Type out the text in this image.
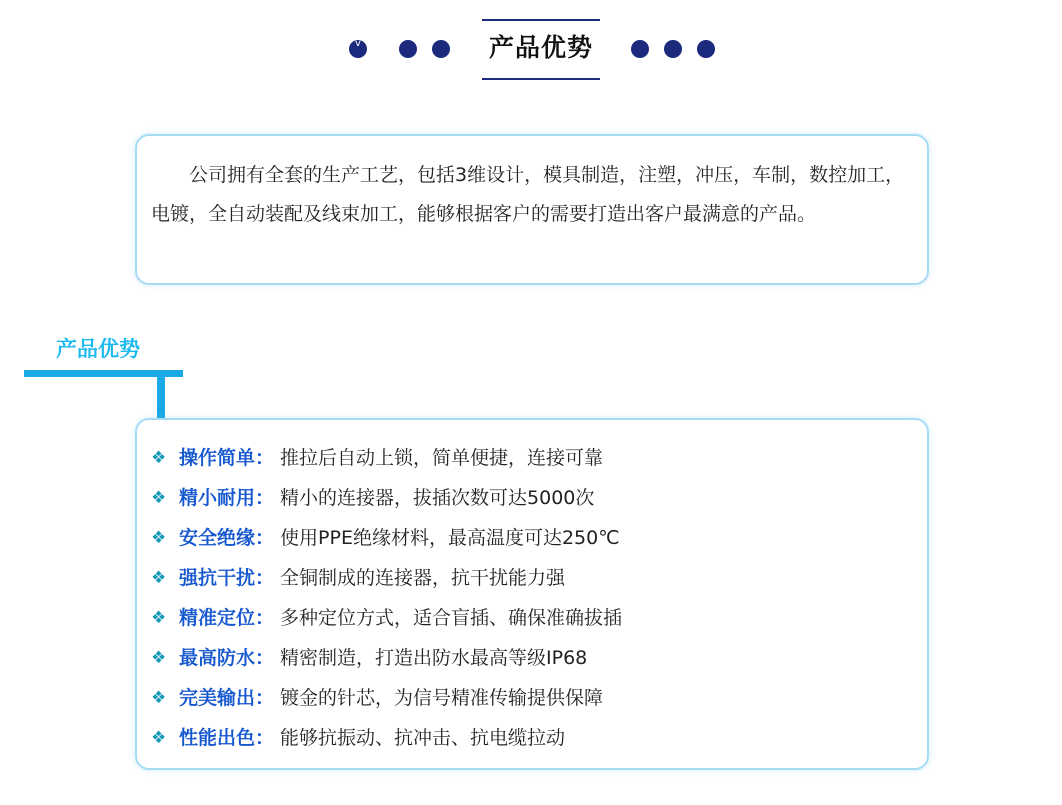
v	产品优势

公司拥有全套的生产工艺，包括3维设计，模具制造，注塑，冲压，车制，数控加工，电镀，全自动装配及线束加工，能够根据客户的需要打造出客户最满意的产品。

产品优势
❖ 操作简单 ： 推拉后自动上锁，简单便捷，连接可靠
❖ 精小耐用 ： 精小的连接器，拔插次数可达5000次
❖ 安全绝缘 ： 使用PPE绝缘材料，最高温度可达250℃
❖ 强抗干扰 ： 全铜制成的连接器，抗干扰能力强
❖ 精准定位 ： 多种定位方式，适合盲插、确保准确拔插
❖ 最高防水 ： 精密制造，打造出防水最高等级IP68
❖ 完美输出 ： 镀金的针芯，为信号精准传输提供保障
❖ 性能出色 ： 能够抗振动、抗冲击、抗电缆拉动
